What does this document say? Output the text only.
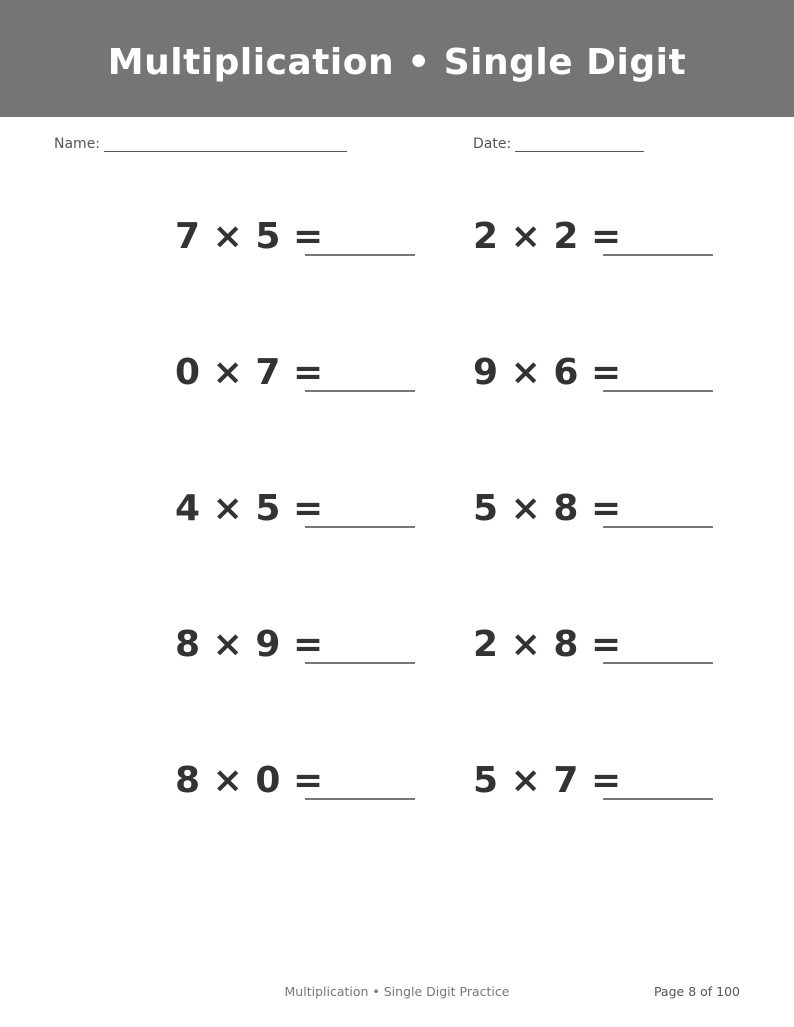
Multiplication • Single Digit
Name:	Date:
7 × 5 =	2 × 2 =
0 × 7 =	9 × 6 =
4 × 5 =	5 × 8 =
8 × 9 =	2 × 8 =
8 × 0 =	5 × 7 =
Multiplication • Single Digit Practice	Page 8 of 100
